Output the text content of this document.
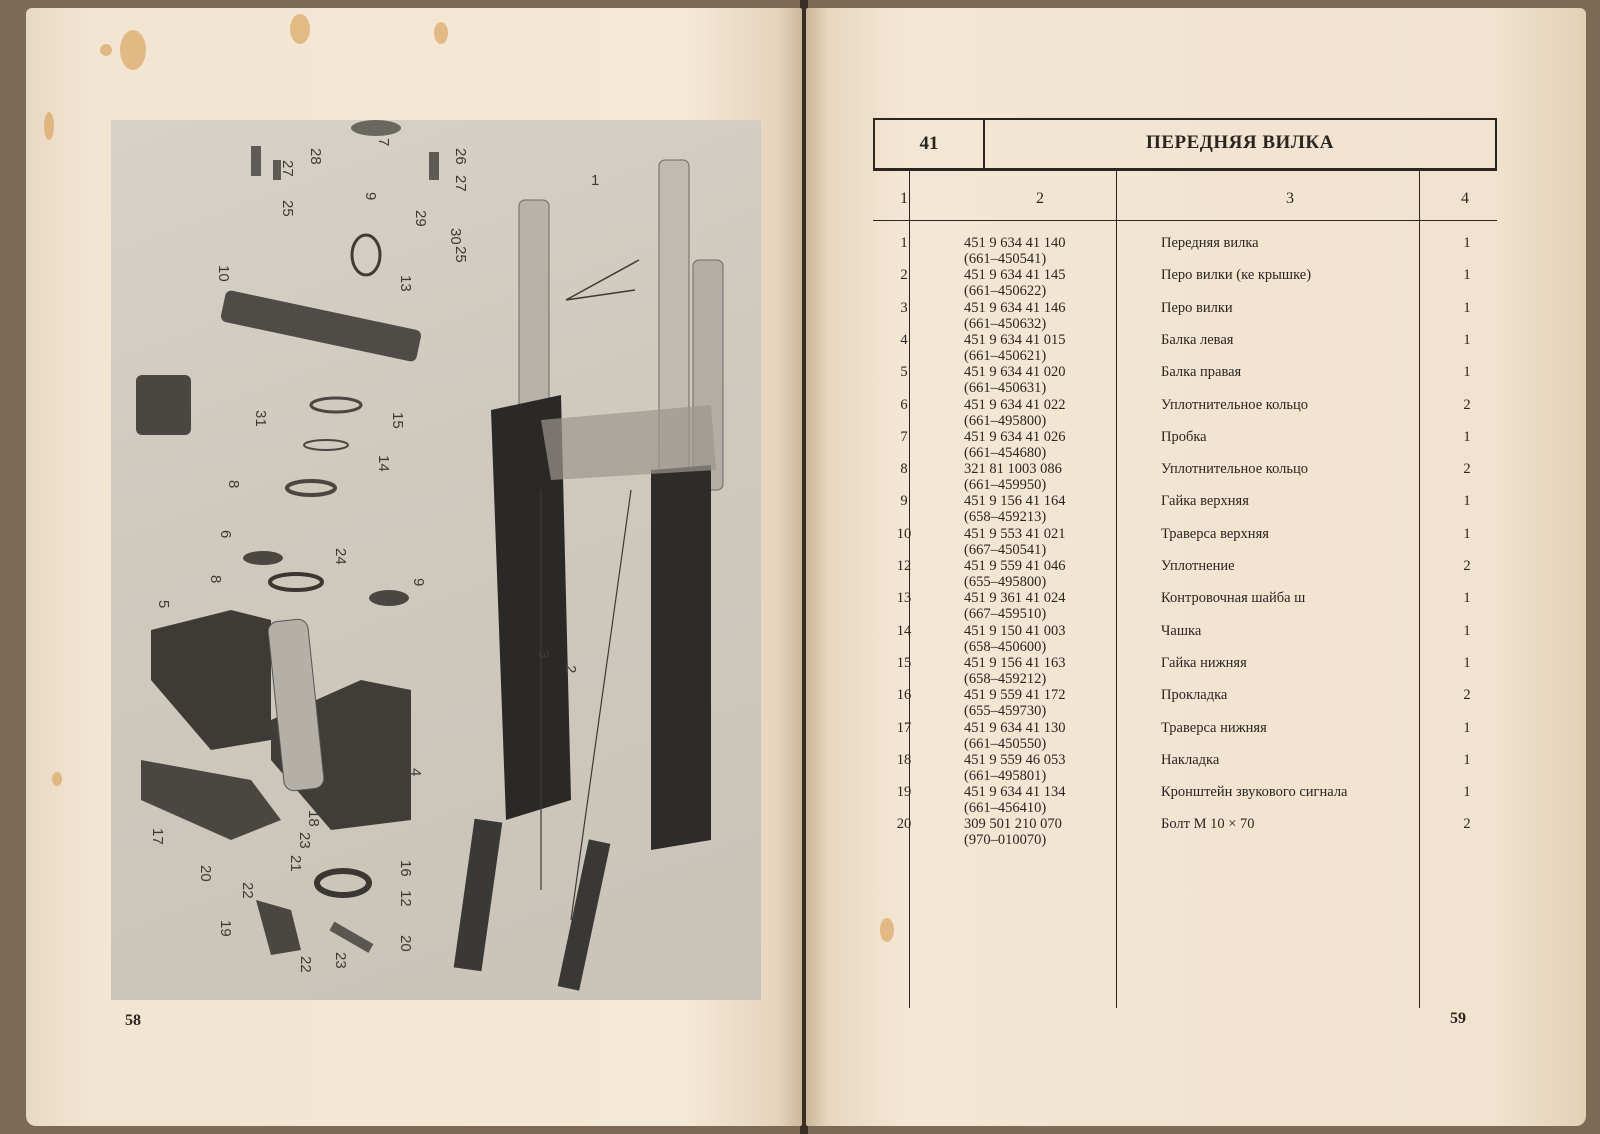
7
28
27
26
27
25
9
29
30
25
13
1
10
31	15
14
8
24
6
8	9
5
4
3
2
17
18
23
21	16
20
22	12
19
22 23
20
58
41	ПЕРЕДНЯЯ ВИЛКА
1	2	3	4
1	451 9 634 41 140
(661–450541)
Передняя вилка	1
2	451 9 634 41 145
(661–450622)
Перо вилки (ке крышке)	1
3	451 9 634 41 146
(661–450632)
Перо вилки	1
4	451 9 634 41 015
(661–450621)
Балка левая	1
5	451 9 634 41 020
(661–450631)
Балка правая	1
6	451 9 634 41 022
(661–495800)
Уплотнительное кольцо	2
7	451 9 634 41 026
(661–454680)
Пробка	1
8	321 81 1003 086
(661–459950)
Уплотнительное кольцо	2
9	451 9 156 41 164
(658–459213)
Гайка верхняя	1
10	451 9 553 41 021
(667–450541)
Траверса верхняя	1
12	451 9 559 41 046
(655–495800)
Уплотнение	2
13	451 9 361 41 024
(667–459510)
Контровочная шайба ш	1
14	451 9 150 41 003
(658–450600)
Чашка	1
15	451 9 156 41 163
(658–459212)
Гайка нижняя	1
16	451 9 559 41 172
(655–459730)
Прокладка	2
17	451 9 634 41 130
(661–450550)
Траверса нижняя	1
18	451 9 559 46 053
(661–495801)
Накладка	1
19	451 9 634 41 134
(661–456410)
Кронштейн звукового сигнала	1
20	309 501 210 070
(970–010070)
Болт М 10 × 70	2
59
